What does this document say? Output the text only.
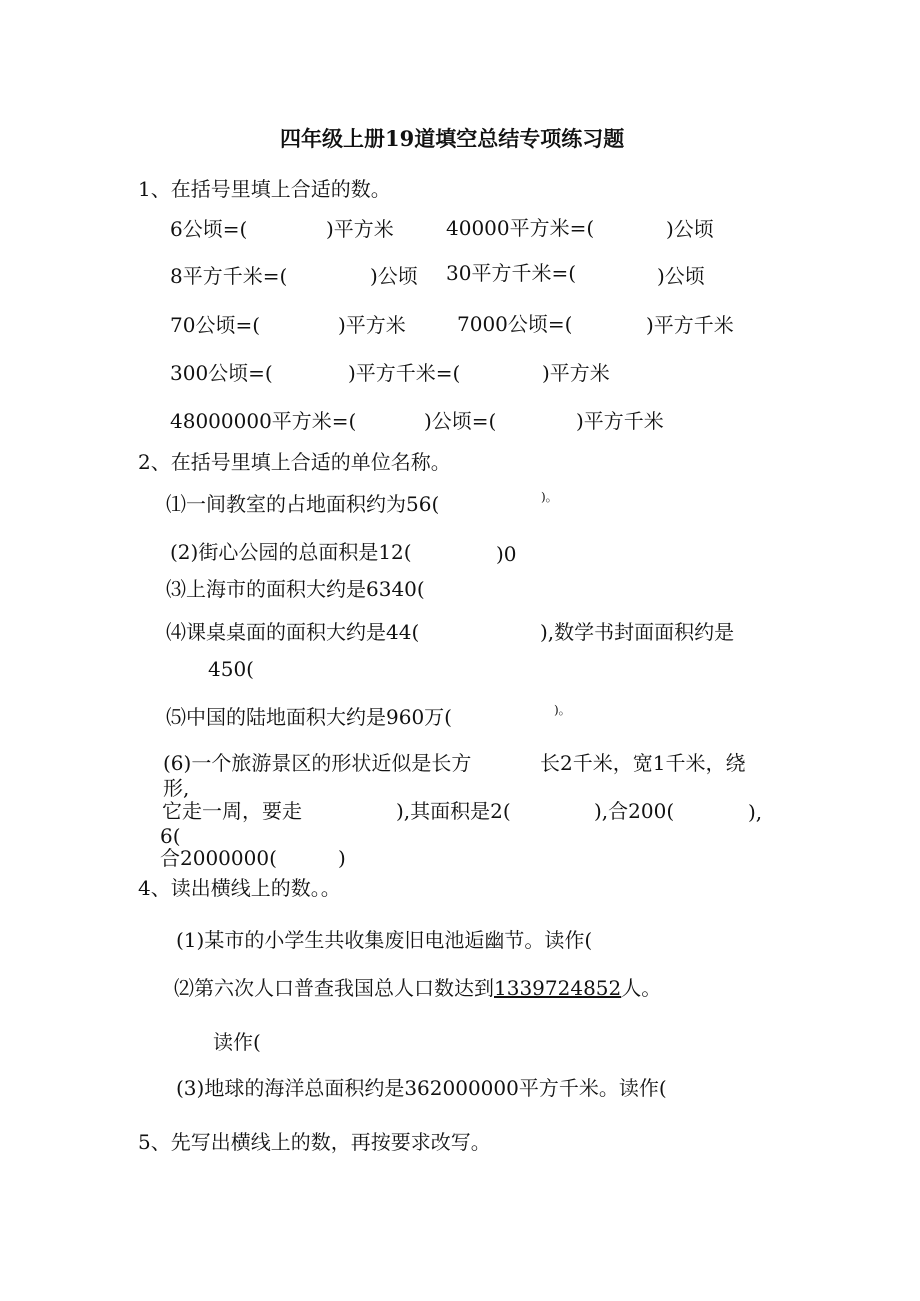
四年级上册19道填空总结专项练习题
1、在括号里填上合适的数。
6公顷=(	)平方米	40000平方米=(	)公顷
8平方千米=(	)公顷 30平方千米=(	)公顷
70公顷=(	)平方米	7000公顷=(	)平方千米
300公顷=(	)平方千米=(	)平方米
48000000平方米=(	)公顷=(	)平方千米
2、在括号里填上合适的单位名称。
⑴一间教室的占地面积约为56(	)。
(2)街心公园的总面积是12(	)0
⑶上海市的面积大约是6340(
⑷课桌桌面的面积大约是44(	),数学书封面面积约是
450(
⑸中国的陆地面积大约是960万(	)。
(6)一个旅游景区的形状近似是长方	长2千米，宽1千米，绕
形,
它走一周，要走	),其面积是2(	),合200(	),
6(
合2000000(	)
4、读出横线上的数。。
(1)某市的小学生共收集废旧电池逅幽节。读作(
⑵第六次人口普查我国总人口数达到1339724852人。
读作(
(3)地球的海洋总面积约是362000000平方千米。读作(
5、先写出横线上的数，再按要求改写。
